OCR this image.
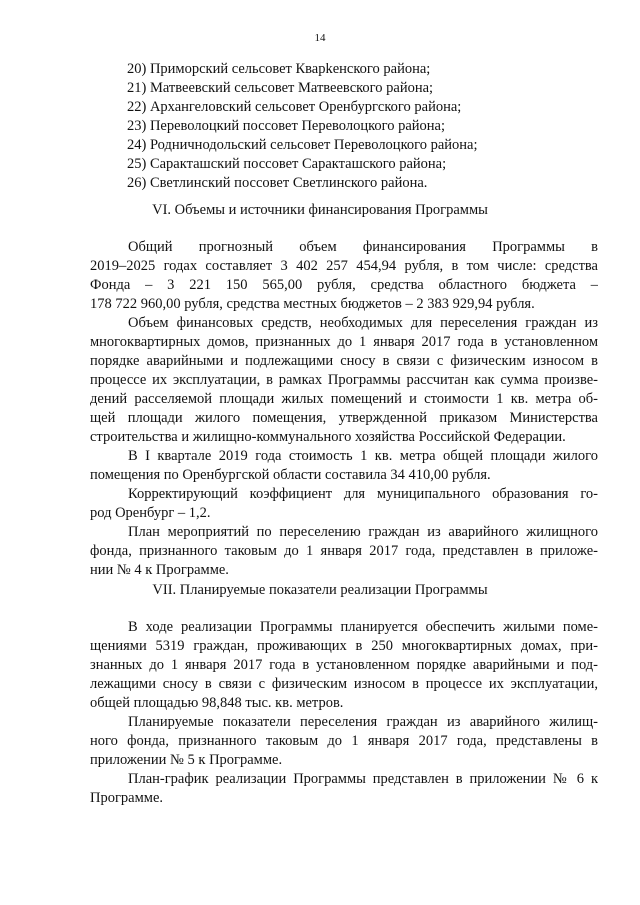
14
20) Приморский сельсовет Кварkенского района;
21) Матвеевский сельсовет Матвеевского района;
22) Архангеловский сельсовет Оренбургского района;
23) Переволоцкий поссовет Переволоцкого района;
24) Родничнодольский сельсовет Переволоцкого района;
25) Саракташский поссовет Саракташского района;
26) Светлинский поссовет Светлинского района.
VI. Объемы и источники финансирования Программы

Общий прогнозный объем финансирования Программы в
2019–2025 годах составляет 3 402 257 454,94 рубля, в том числе: средства
Фонда – 3 221 150 565,00 рубля, средства областного бюджета –
178 722 960,00 рубля, средства местных бюджетов – 2 383 929,94 рубля.

Объем финансовых средств, необходимых для переселения граждан из
многоквартирных домов, признанных до 1 января 2017 года в установленном
порядке аварийными и подлежащими сносу в связи с физическим износом в
процессе их эксплуатации, в рамках Программы рассчитан как сумма произве-
дений расселяемой площади жилых помещений и стоимости 1 кв. метра об-
щей площади жилого помещения, утвержденной приказом Министерства
строительства и жилищно-коммунального хозяйства Российской Федерации.

В I квартале 2019 года стоимость 1 кв. метра общей площади жилого
помещения по Оренбургской области составила 34 410,00 рубля.

Корректирующий коэффициент для муниципального образования го-
род Оренбург – 1,2.

План мероприятий по переселению граждан из аварийного жилищного
фонда, признанного таковым до 1 января 2017 года, представлен в приложе-
нии № 4 к Программе.

VII. Планируемые показатели реализации Программы

В ходе реализации Программы планируется обеспечить жилыми поме-
щениями 5319 граждан, проживающих в 250 многоквартирных домах, при-
знанных до 1 января 2017 года в установленном порядке аварийными и под-
лежащими сносу в связи с физическим износом в процессе их эксплуатации,
общей площадью 98,848 тыс. кв. метров.

Планируемые показатели переселения граждан из аварийного жилищ-
ного фонда, признанного таковым до 1 января 2017 года, представлены в
приложении № 5 к Программе.

План-график реализации Программы представлен в приложении № 6 к
Программе.
